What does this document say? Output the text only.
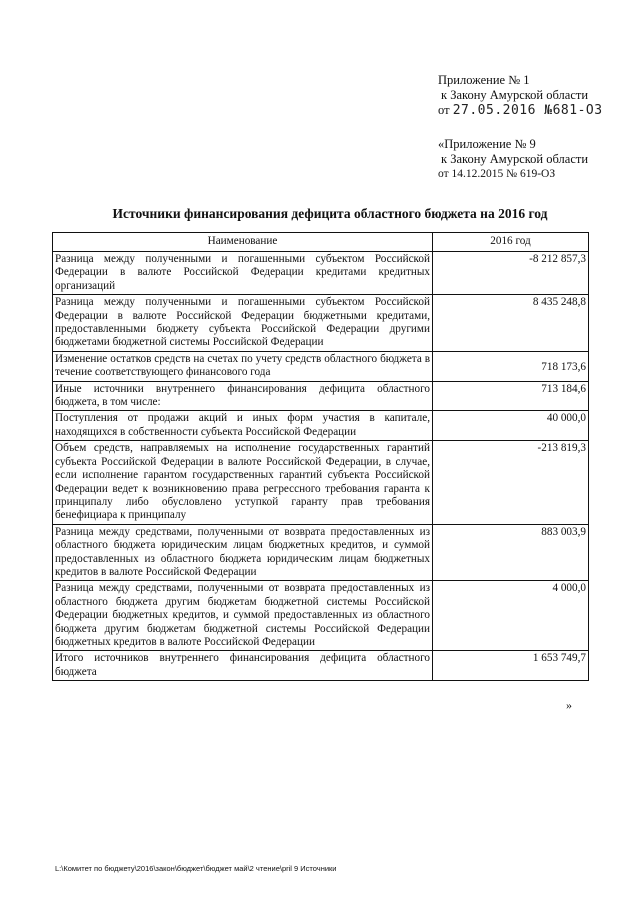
Приложение № 1
к Закону Амурской области
от 27.05.2016 №681-ОЗ
«Приложение № 9
к Закону Амурской области
от 14.12.2015 № 619-ОЗ
Источники финансирования дефицита областного бюджета на 2016 год
Наименование	2016 год
Разница между полученными и погашенными субъектом Российской Федерации в валюте Российской Федерации кредитами кредитных организаций	-8 212 857,3
Разница между полученными и погашенными субъектом Российской Федерации в валюте Российской Федерации бюджетными кредитами, предоставленными бюджету субъекта Российской Федерации другими бюджетами бюджетной системы Российской Федерации	8 435 248,8
Изменение остатков средств на счетах по учету средств областного бюджета в течение соответствующего финансового года	718 173,6
Иные источники внутреннего финансирования дефицита областного бюджета, в том числе:	713 184,6
Поступления от продажи акций и иных форм участия в капитале, находящихся в собственности субъекта Российской Федерации	40 000,0
Объем средств, направляемых на исполнение государственных гарантий субъекта Российской Федерации в валюте Российской Федерации, в случае, если исполнение гарантом государственных гарантий субъекта Российской Федерации ведет к возникновению права регрессного требования гаранта к принципалу либо обусловлено уступкой гаранту прав требования бенефициара к принципалу	-213 819,3
Разница между средствами, полученными от возврата предоставленных из областного бюджета юридическим лицам бюджетных кредитов, и суммой предоставленных из областного бюджета юридическим лицам бюджетных кредитов в валюте Российской Федерации	883 003,9
Разница между средствами, полученными от возврата предоставленных из областного бюджета другим бюджетам бюджетной системы Российской Федерации бюджетных кредитов, и суммой предоставленных из областного бюджета другим бюджетам бюджетной системы Российской Федерации бюджетных кредитов в валюте Российской Федерации	4 000,0
Итого источников внутреннего финансирования дефицита областного бюджета	1 653 749,7
»
L:\Комитет по бюджету\2016\закон\бюджет\бюджет май\2 чтение\pril 9 Источники
